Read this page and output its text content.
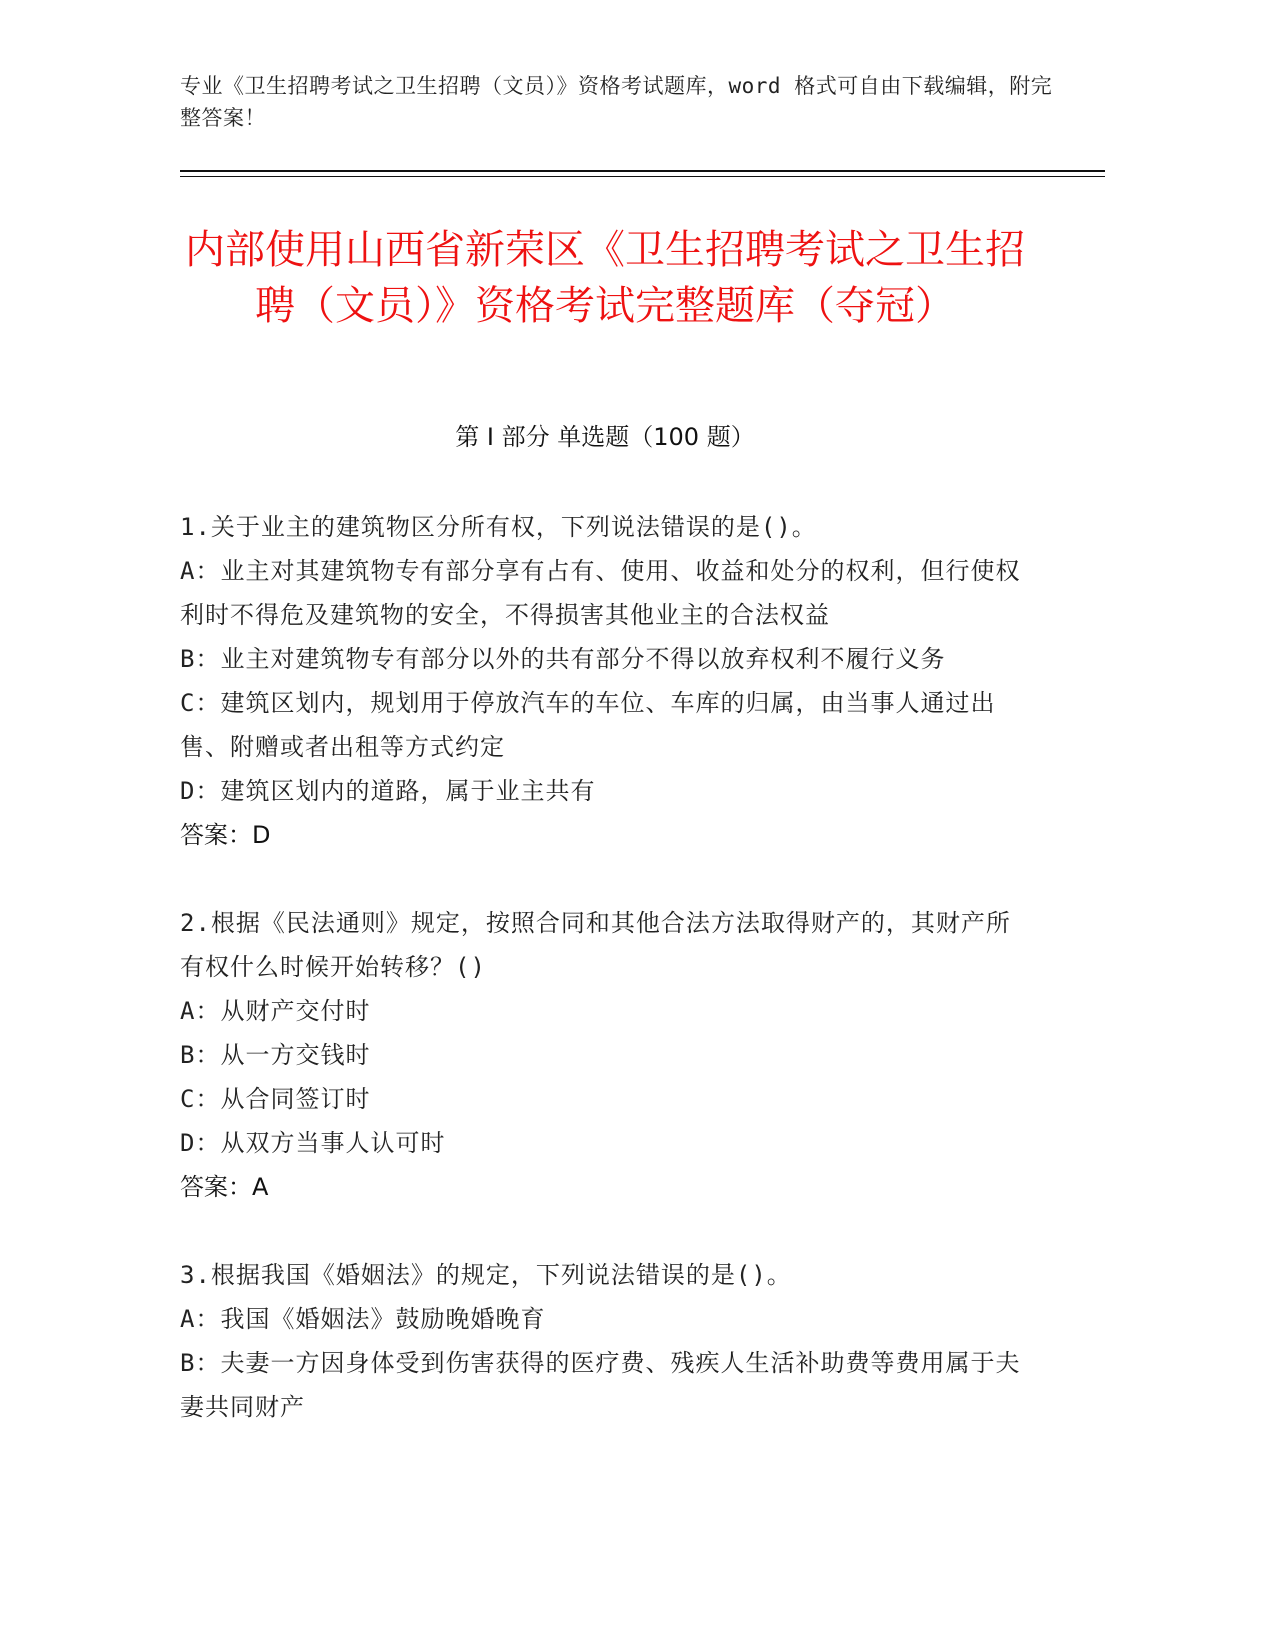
专业《卫生招聘考试之卫生招聘（文员）》资格考试题库，word 格式可自由下载编辑，附完整答案！
内部使用山西省新荣区《卫生招聘考试之卫生招聘（文员）》资格考试完整题库（夺冠）
第 I 部分 单选题（100 题）
1.关于业主的建筑物区分所有权，下列说法错误的是()。
A：业主对其建筑物专有部分享有占有、使用、收益和处分的权利，但行使权利时不得危及建筑物的安全，不得损害其他业主的合法权益
B：业主对建筑物专有部分以外的共有部分不得以放弃权利不履行义务
C：建筑区划内，规划用于停放汽车的车位、车库的归属，由当事人通过出售、附赠或者出租等方式约定
D：建筑区划内的道路，属于业主共有
答案：D
2.根据《民法通则》规定，按照合同和其他合法方法取得财产的，其财产所有权什么时候开始转移？()
A：从财产交付时
B：从一方交钱时
C：从合同签订时
D：从双方当事人认可时
答案：A
3.根据我国《婚姻法》的规定，下列说法错误的是()。
A：我国《婚姻法》鼓励晚婚晚育
B：夫妻一方因身体受到伤害获得的医疗费、残疾人生活补助费等费用属于夫妻共同财产
